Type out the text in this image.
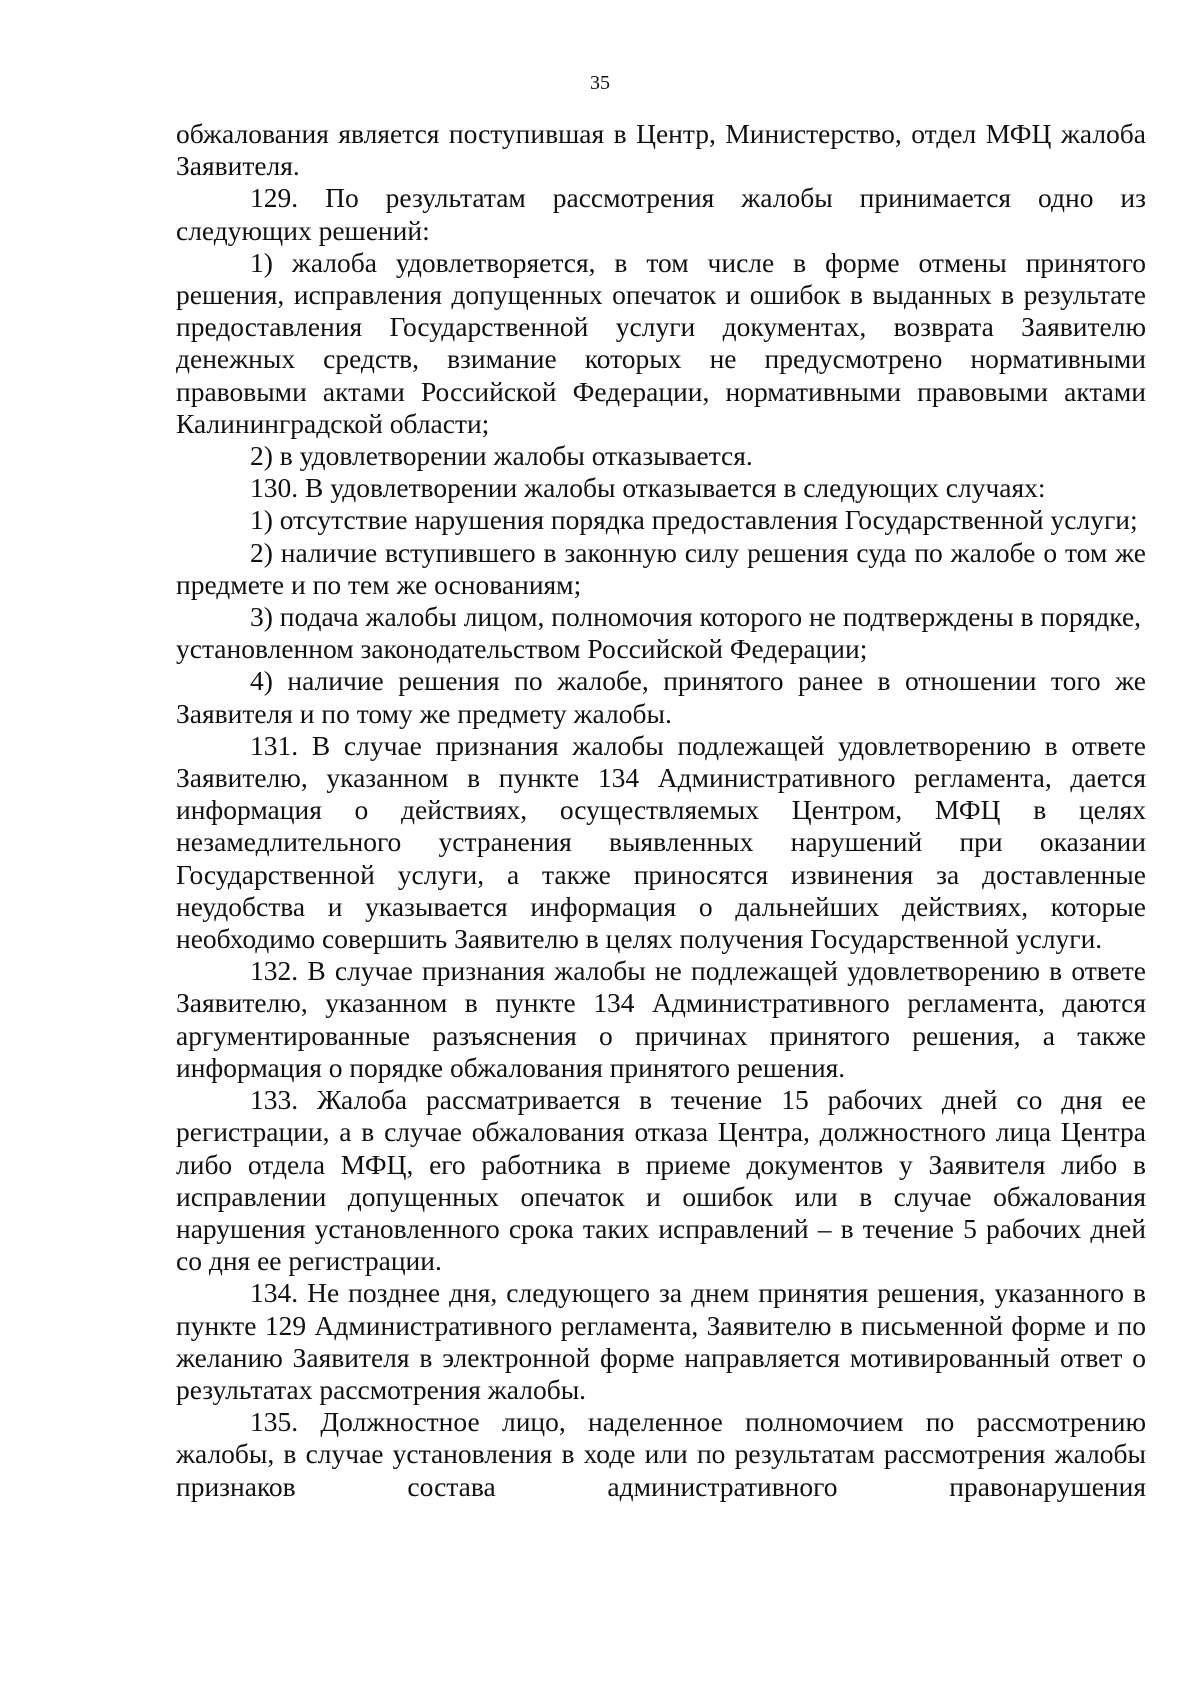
35

обжалования является поступившая в Центр, Министерство, отдел МФЦ жалоба Заявителя.

129. По результатам рассмотрения жалобы принимается одно из следующих решений:

1) жалоба удовлетворяется, в том числе в форме отмены принятого решения, исправления допущенных опечаток и ошибок в выданных в результате предоставления Государственной услуги документах, возврата Заявителю денежных средств, взимание которых не предусмотрено нормативными правовыми актами Российской Федерации, нормативными правовыми актами Калининградской области;

2) в удовлетворении жалобы отказывается.

130. В удовлетворении жалобы отказывается в следующих случаях:

1) отсутствие нарушения порядка предоставления Государственной услуги;

2) наличие вступившего в законную силу решения суда по жалобе о том же предмете и по тем же основаниям;

3) подача жалобы лицом, полномочия которого не подтверждены в порядке,

установленном законодательством Российской Федерации;

4) наличие решения по жалобе, принятого ранее в отношении того же Заявителя и по тому же предмету жалобы.

131. В случае признания жалобы подлежащей удовлетворению в ответе Заявителю, указанном в пункте 134 Административного регламента, дается информация о действиях, осуществляемых Центром, МФЦ в целях незамедлительного устранения выявленных нарушений при оказании Государственной услуги, а также приносятся извинения за доставленные неудобства и указывается информация о дальнейших действиях, которые необходимо совершить Заявителю в целях получения Государственной услуги.

132. В случае признания жалобы не подлежащей удовлетворению в ответе Заявителю, указанном в пункте 134 Административного регламента, даются аргументированные разъяснения о причинах принятого решения, а также информация о порядке обжалования принятого решения.

133. Жалоба рассматривается в течение 15 рабочих дней со дня ее регистрации, а в случае обжалования отказа Центра, должностного лица Центра либо отдела МФЦ, его работника в приеме документов у Заявителя либо в исправлении допущенных опечаток и ошибок или в случае обжалования нарушения установленного срока таких исправлений – в течение 5 рабочих дней со дня ее регистрации.

134. Не позднее дня, следующего за днем принятия решения, указанного в пункте 129 Административного регламента, Заявителю в письменной форме и по желанию Заявителя в электронной форме направляется мотивированный ответ о результатах рассмотрения жалобы.

135. Должностное лицо, наделенное полномочием по рассмотрению жалобы, в случае установления в ходе или по результатам рассмотрения жалобы признаков состава административного правонарушения
